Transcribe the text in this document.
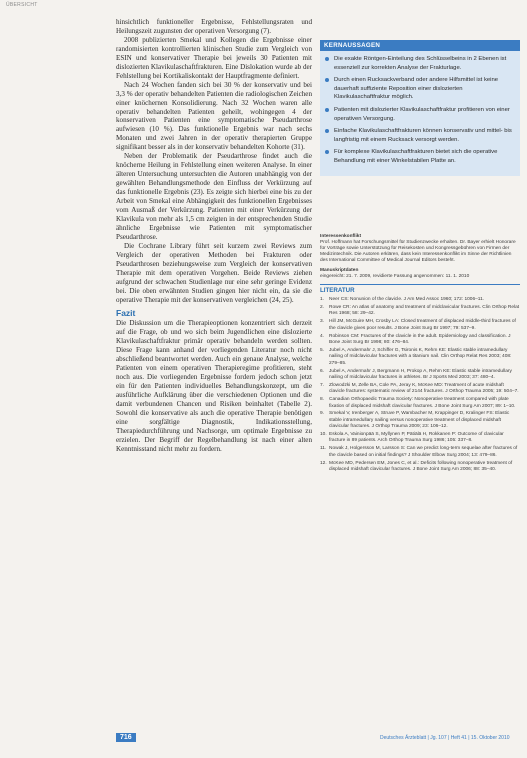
ÜBERSICHT

hinsichtlich funktioneller Ergebnisse, Fehlstellungsraten und Heilungszeit zugunsten der operativen Versorgung (7).

2008 publizierten Smekal und Kollegen die Ergebnisse einer randomisierten kontrollierten klinischen Studie zum Vergleich von ESIN und konservativer Therapie bei jeweils 30 Patienten mit dislozierten Klavikulaschaftfrakturen. Eine Dislokation wurde ab der Fehlstellung bei Kortikaliskontakt der Hauptfragmente definiert.

Nach 24 Wochen fanden sich bei 30 % der konservativ und bei 3,3 % der operativ behandelten Patienten die radiologischen Zeichen einer knöchernen Konsolidierung. Nach 32 Wochen waren alle operativ behandelten Patienten geheilt, wohingegen 4 der konservativen Patienten eine symptomatische Pseudarthrose aufwiesen (10 %). Das funktionelle Ergebnis war nach sechs Monaten und zwei Jahren in der operativ therapierten Gruppe signifikant besser als in der konservativ behandelten Kohorte (31).

Neben der Problematik der Pseudarthrose findet auch die knöcherne Heilung in Fehlstellung einen weiteren Analyse. In einer älteren Untersuchung untersuchten die Autoren unabhängig von der gewählten Behandlungsmethode den Einfluss der Verkürzung auf das funktionelle Ergebnis (23). Es zeigte sich hierbei eine bis zu der Arbeit von Smekal eine Abhängigkeit des funktionellen Ergebnisses vom Ausmaß der Verkürzung. Patienten mit einer Verkürzung der Klavikula von mehr als 1,5 cm zeigten in der entsprechenden Studie ähnliche Ergebnisse wie Patienten mit symptomatischer Pseudarthrose.

Die Cochrane Library führt seit kurzem zwei Reviews zum Vergleich der operativen Methoden bei Frakturen oder Pseudarthrosen beziehungsweise zum Vergleich der konservativen Therapie mit dem operativen Vorgehen. Beide Reviews ziehen aufgrund der schwachen Studienlage nur eine sehr geringe Evidenz bei. Die oben erwähnten Studien gingen hier nicht ein, da sie die operative Therapie mit der konservativen vergleichen (24, 25).

Fazit

Die Diskussion um die Therapieoptionen konzentriert sich derzeit auf die Frage, ob und wo sich beim Jugendlichen eine dislozierte Klavikulaschaftfraktur primär operativ behandeln werden sollten. Diese Frage kann anhand der vorliegenden Literatur noch nicht abschließend beantwortet werden. Auch ein genaue Analyse, welche Patienten von einem operativen Therapieregime profitieren, steht noch aus. Die vorliegenden Ergebnisse fordern jedoch schon jetzt ein für den Patienten individuelles Behandlungskonzept, um die ausführliche Aufklärung über die verschiedenen Optionen und die damit verbundenen Chancen und Risiken beinhaltet (Tabelle 2). Sowohl die konservative als auch die operative Therapie benötigen eine sorgfältige Diagnostik, Indikationsstellung, Therapiedurchführung und Nachsorge, um optimale Ergebnisse zu erzielen. Der Begriff der Regelbehandlung ist nach einer alten Kenntnisstand nicht mehr zu fordern.

KERNAUSSAGEN
Die exakte Röntgen-Einteilung des Schlüsselbeins in 2 Ebenen ist essenziell zur korrekten Analyse der Frakturlage.
Durch einen Rucksackverband oder andere Hilfsmittel ist keine dauerhaft suffiziente Reposition einer dislozierten Klavikulaschaftfraktur möglich.
Patienten mit dislozierter Klavikulaschaftfraktur profitieren von einer operativen Versorgung.
Einfache Klavikulaschaftfrakturen können konservativ und mittel- bis langfristig mit einem Rucksack versorgt werden.
Für komplexe Klavikulaschaftfrakturen bietet sich die operative Behandlung mit einer Winkelstabilen Platte an.

Interessenkonflikt
Prof. Hoffmann hat Forschungsmittel für Studienzwecke erhalten. Dr. Bayer erhielt Honorare für Vorträge sowie Unterstützung für Reisekosten und Kongressgebühren von Firmen der Medizintechnik. Die Autoren erklären, dass kein Interessenkonflikt im Sinne der Richtlinien des International Committee of Medical Journal Editors besteht.

Manuskriptdaten
eingereicht: 21. 7. 2009, revidierte Fassung angenommen: 11. 1. 2010

LITERATUR
1. Neer CS: Nonunion of the clavicle. J Am Med Assoc 1960; 172: 1006–11.
2. Rowe CR: An atlas of anatomy and treatment of midclavicular fractures. Clin Orthop Relat Res 1968; 58: 29–42.
3. Hill JM, McGuire MH, Crosby LA: Closed treatment of displaced middle-third fractures of the clavicle gives poor results. J Bone Joint Surg Br 1997; 79: 537–9.
4. Robinson CM: Fractures of the clavicle in the adult. Epidemiology and classification. J Bone Joint Surg Br 1998; 80: 476–84.
5. Jubel A, Andermahr J, Schiffer G, Tsironis K, Rehm KE: Elastic stable intramedullary nailing of midclavicular fractures with a titanium nail. Clin Orthop Relat Res 2003; 408: 279–85.
6. Jubel A, Andermahr J, Bergmann H, Prokop A, Rehm KE: Elastic stable intramedullary nailing of midclavicular fractures in athletes. Br J Sports Med 2003; 37: 480–4.
7. Zlowodzki M, Zelle BA, Cole PA, Jeray K, McKee MD: Treatment of acute midshaft clavicle fractures: systematic review of 2144 fractures. J Orthop Trauma 2005; 19: 504–7.
8. Canadian Orthopaedic Trauma Society: Nonoperative treatment compared with plate fixation of displaced midshaft clavicular fractures. J Bone Joint Surg Am 2007; 89: 1–10.
9. Smekal V, Irenberger A, Struve P, Wambacher M, Krappinger D, Kralinger FS: Elastic stable intramedullary nailing versus nonoperative treatment of displaced midshaft clavicular fractures. J Orthop Trauma 2009; 23: 106–12.
10. Eskola A, Vainionpää S, Myllynen P, Pätiälä H, Rokkanen P: Outcome of clavicular fracture in 89 patients. Arch Orthop Trauma Surg 1986; 105: 337–8.
11. Nowak J, Holgersson M, Larsson S: Can we predict long-term sequelae after fractures of the clavicle based on initial findings? J Shoulder Elbow Surg 2004; 13: 479–86.
12. McKee MD, Pedersen EM, Jones C, et al.: Deficits following nonoperative treatment of displaced midshaft clavicular fractures. J Bone Joint Surg Am 2006; 88: 35–40.
716	Deutsches Ärzteblatt | Jg. 107 | Heft 41 | 15. Oktober 2010
